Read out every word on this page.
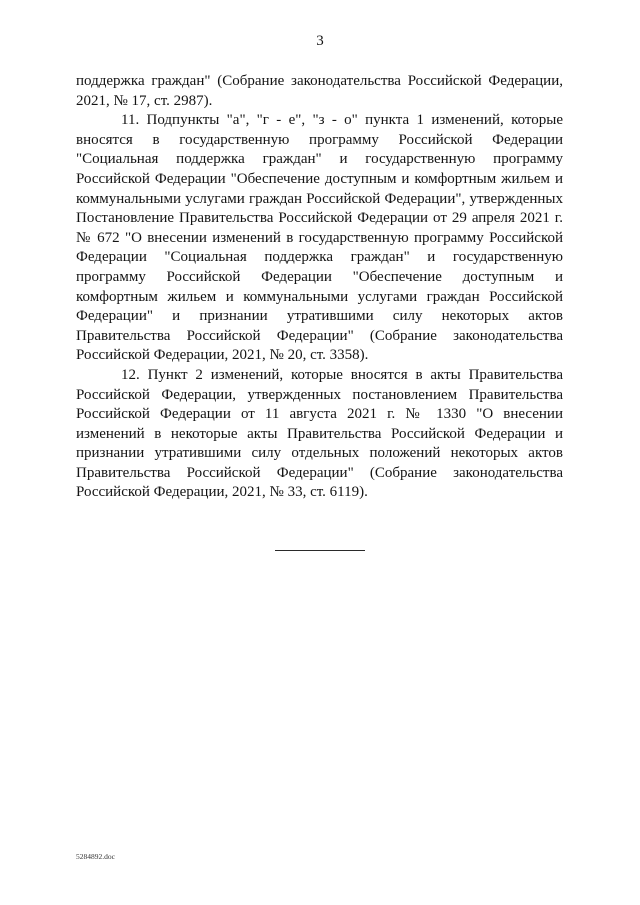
3

поддержка граждан" (Собрание законодательства Российской Федерации, 2021, № 17, ст. 2987).

11. Подпункты "а", "г - е", "з - о" пункта 1 изменений, которые вносятся в государственную программу Российской Федерации "Социальная поддержка граждан" и государственную программу Российской Федерации "Обеспечение доступным и комфортным жильем и коммунальными услугами граждан Российской Федерации", утвержденных Постановление Правительства Российской Федерации от 29 апреля 2021 г. № 672 "О внесении изменений в государственную программу Российской Федерации "Социальная поддержка граждан" и государственную программу Российской Федерации "Обеспечение доступным и комфортным жильем и коммунальными услугами граждан Российской Федерации" и признании утратившими силу некоторых актов Правительства Российской Федерации" (Собрание законодательства Российской Федерации, 2021, № 20, ст. 3358).

12. Пункт 2 изменений, которые вносятся в акты Правительства Российской Федерации, утвержденных постановлением Правительства Российской Федерации от 11 августа 2021 г. № 1330 "О внесении изменений в некоторые акты Правительства Российской Федерации и признании утратившими силу отдельных положений некоторых актов Правительства Российской Федерации" (Собрание законодательства Российской Федерации, 2021, № 33, ст. 6119).

5284892.doc
